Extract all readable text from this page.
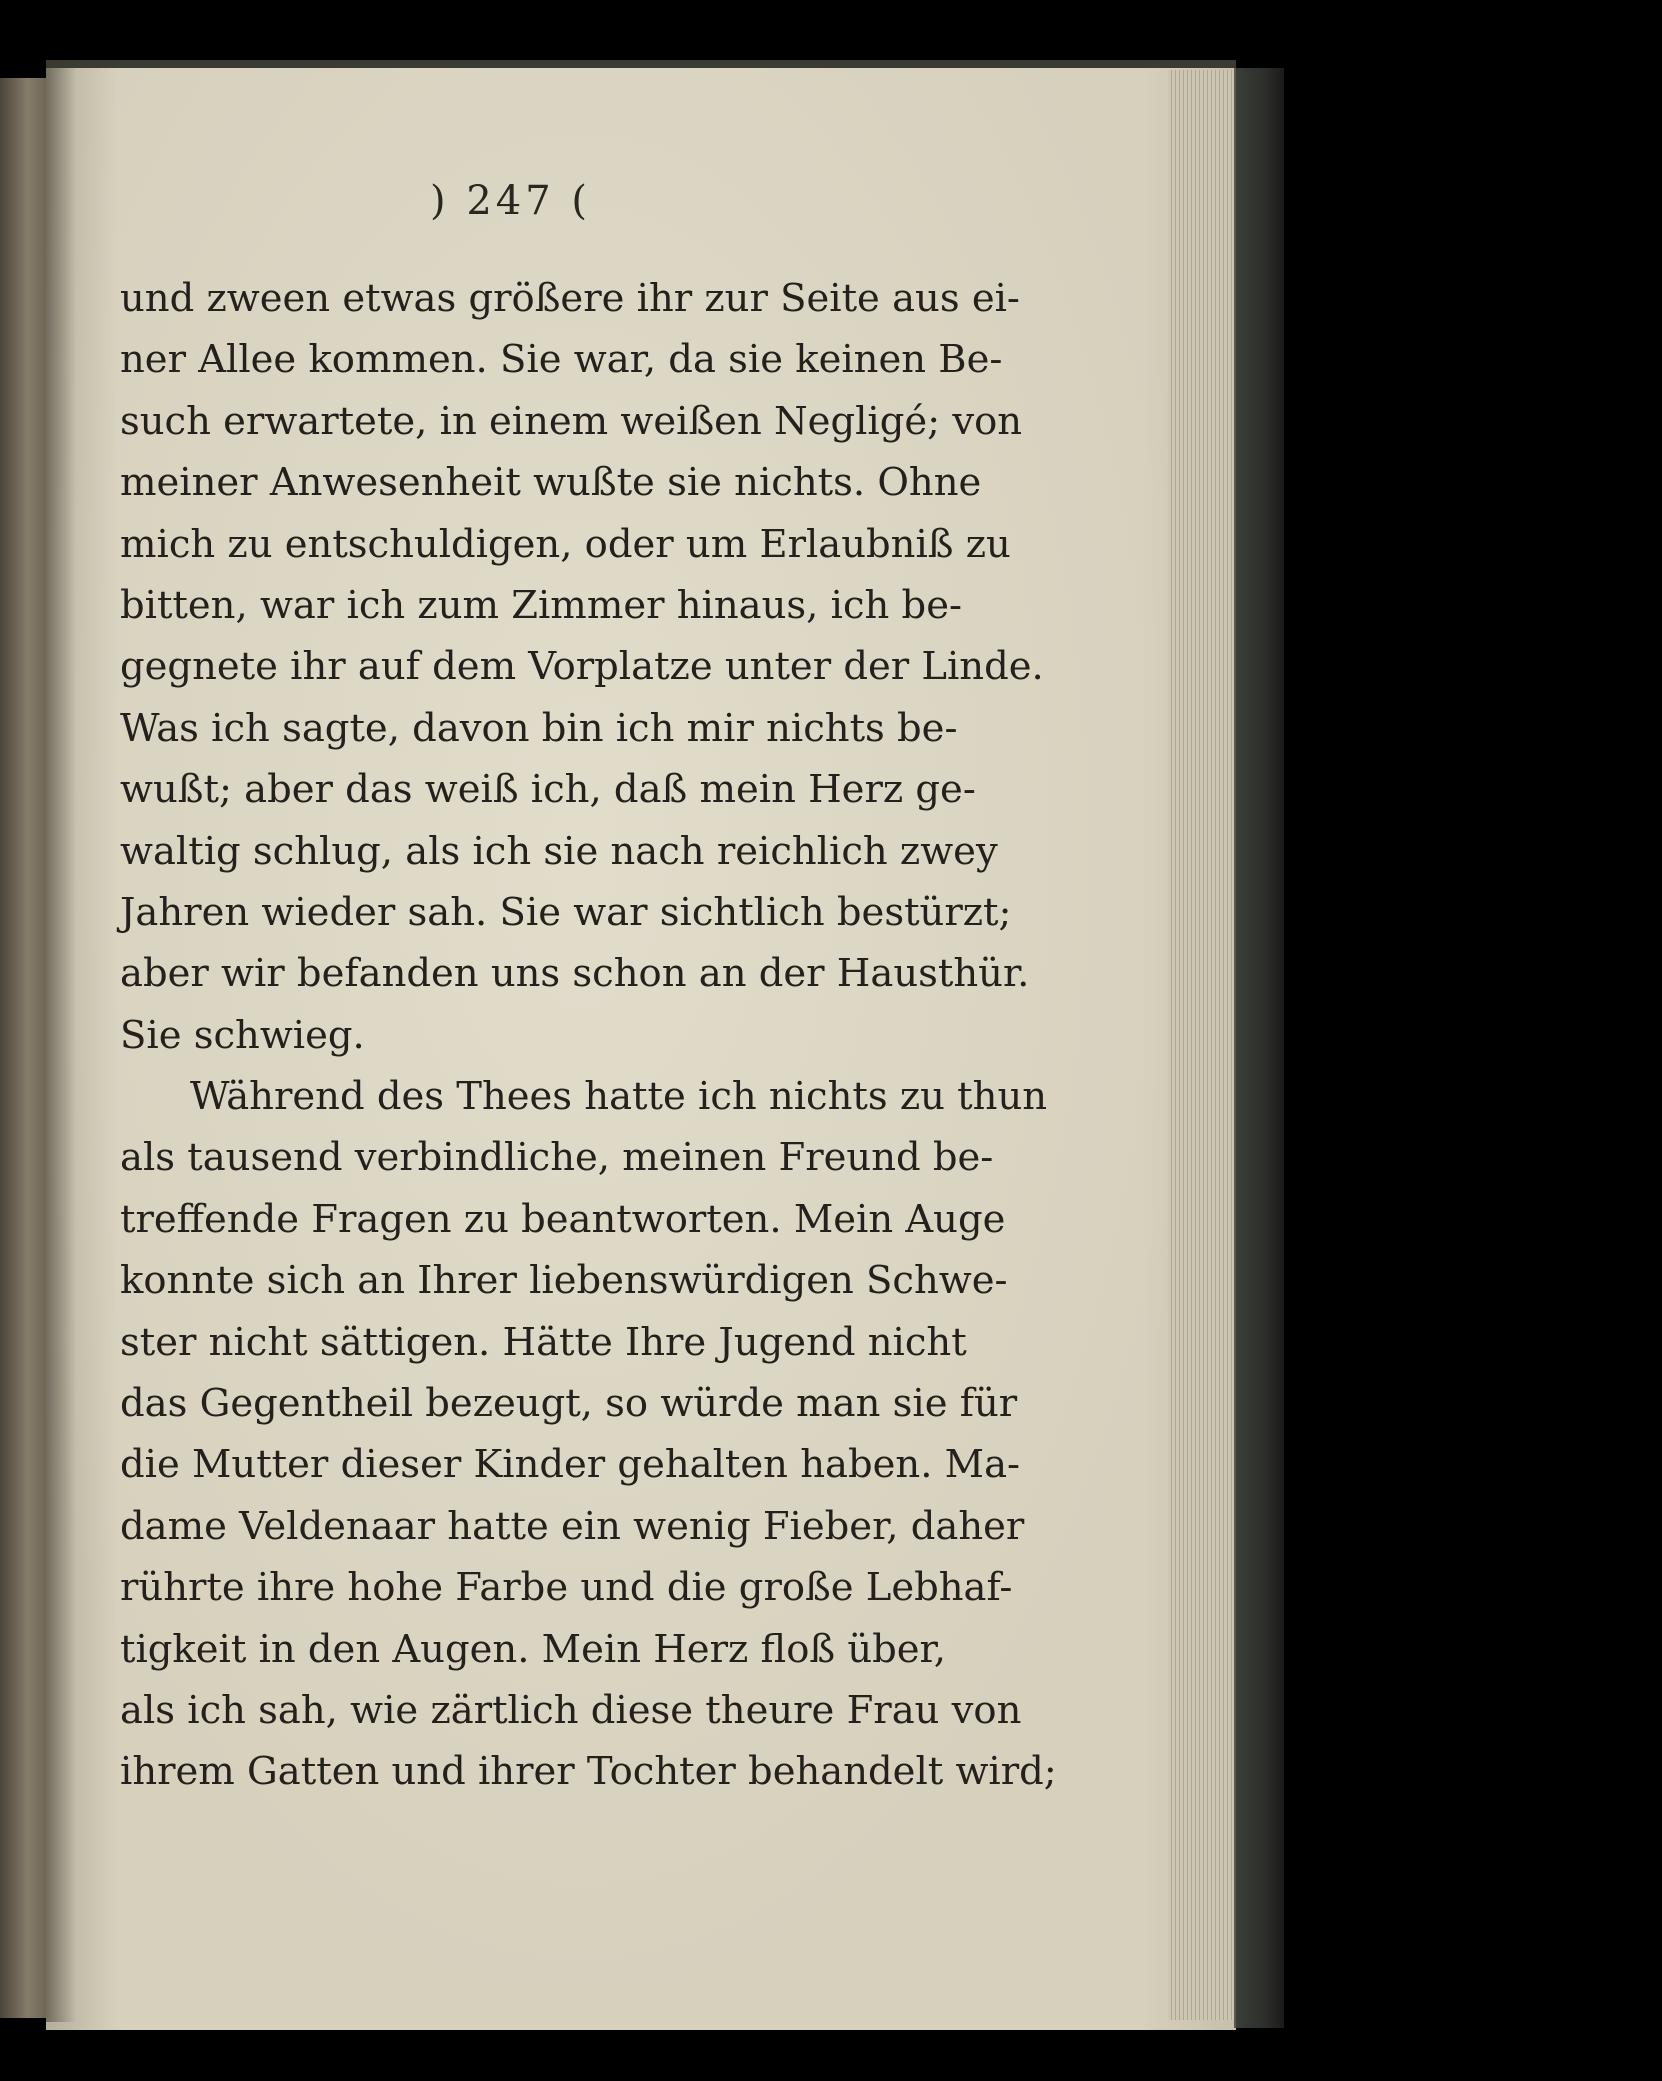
) 247 (
und zween etwas größere ihr zur Seite aus ei-
ner Allee kommen. Sie war, da sie keinen Be-
such erwartete, in einem weißen Negligé; von
meiner Anwesenheit wußte sie nichts. Ohne
mich zu entschuldigen, oder um Erlaubniß zu
bitten, war ich zum Zimmer hinaus, ich be-
gegnete ihr auf dem Vorplatze unter der Linde.
Was ich sagte, davon bin ich mir nichts be-
wußt; aber das weiß ich, daß mein Herz ge-
waltig schlug, als ich sie nach reichlich zwey
Jahren wieder sah. Sie war sichtlich bestürzt;
aber wir befanden uns schon an der Hausthür.
Sie schwieg.
Während des Thees hatte ich nichts zu thun
als tausend verbindliche, meinen Freund be-
treffende Fragen zu beantworten. Mein Auge
konnte sich an Ihrer liebenswürdigen Schwe-
ster nicht sättigen. Hätte Ihre Jugend nicht
das Gegentheil bezeugt, so würde man sie für
die Mutter dieser Kinder gehalten haben. Ma-
dame Veldenaar hatte ein wenig Fieber, daher
rührte ihre hohe Farbe und die große Lebhaf-
tigkeit in den Augen. Mein Herz floß über,
als ich sah, wie zärtlich diese theure Frau von
ihrem Gatten und ihrer Tochter behandelt wird;
